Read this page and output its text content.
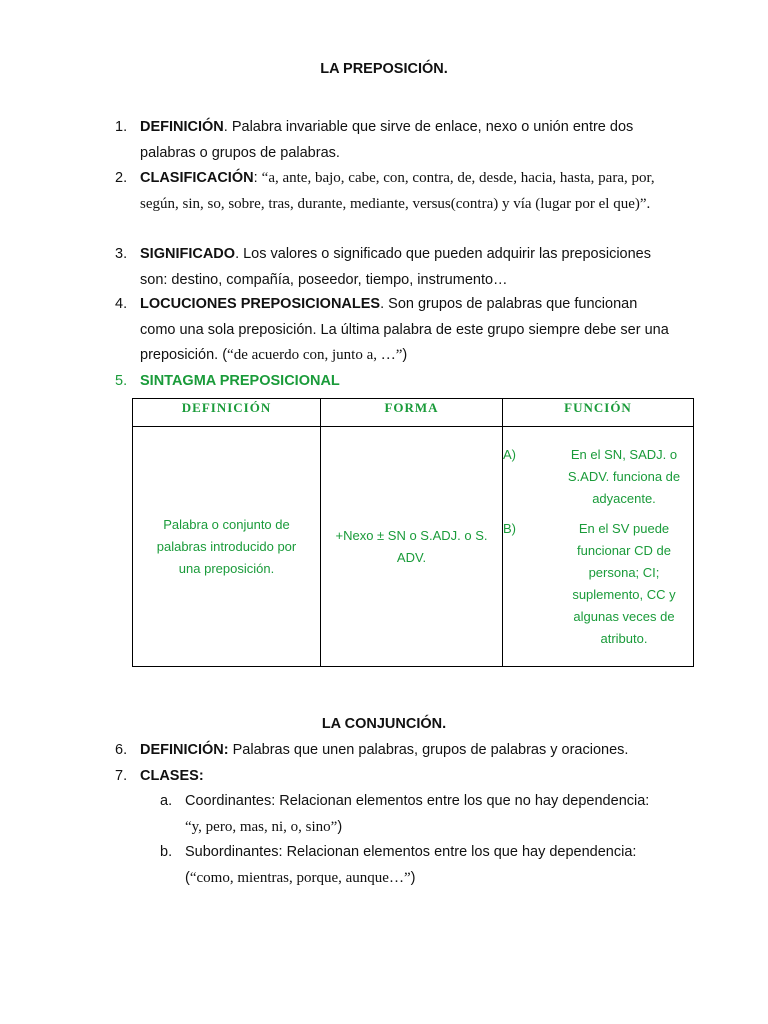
LA PREPOSICIÓN.
1. DEFINICIÓN. Palabra invariable que sirve de enlace, nexo o unión entre dos palabras o grupos de palabras.
2. CLASIFICACIÓN: “a, ante, bajo, cabe, con, contra, de, desde, hacia, hasta, para, por, según, sin, so, sobre, tras, durante, mediante, versus(contra) y vía (lugar por el que)”.
3. SIGNIFICADO. Los valores o significado que pueden adquirir las preposiciones son: destino, compañía, poseedor, tiempo, instrumento…
4. LOCUCIONES PREPOSICIONALES. Son grupos de palabras que funcionan como una sola preposición. La última palabra de este grupo siempre debe ser una preposición. (“de acuerdo con, junto a, …”)
5. SINTAGMA PREPOSICIONAL
DEFINICIÓN	FORMA	FUNCIÓN
Palabra o conjunto de palabras introducido por una preposición.	+Nexo ± SN o S.ADJ. o S. ADV.	A) En el SN, SADJ. o S.ADV. funciona de adyacente.
B) En el SV puede funcionar CD de persona; CI; suplemento, CC y algunas veces de atributo.
LA CONJUNCIÓN.
6. DEFINICIÓN: Palabras que unen palabras, grupos de palabras y oraciones.
7. CLASES:
a. Coordinantes: Relacionan elementos entre los que no hay dependencia:
“y, pero, mas, ni, o, sino”)
b. Subordinantes: Relacionan elementos entre los que hay dependencia:
(“como, mientras, porque, aunque…”)
